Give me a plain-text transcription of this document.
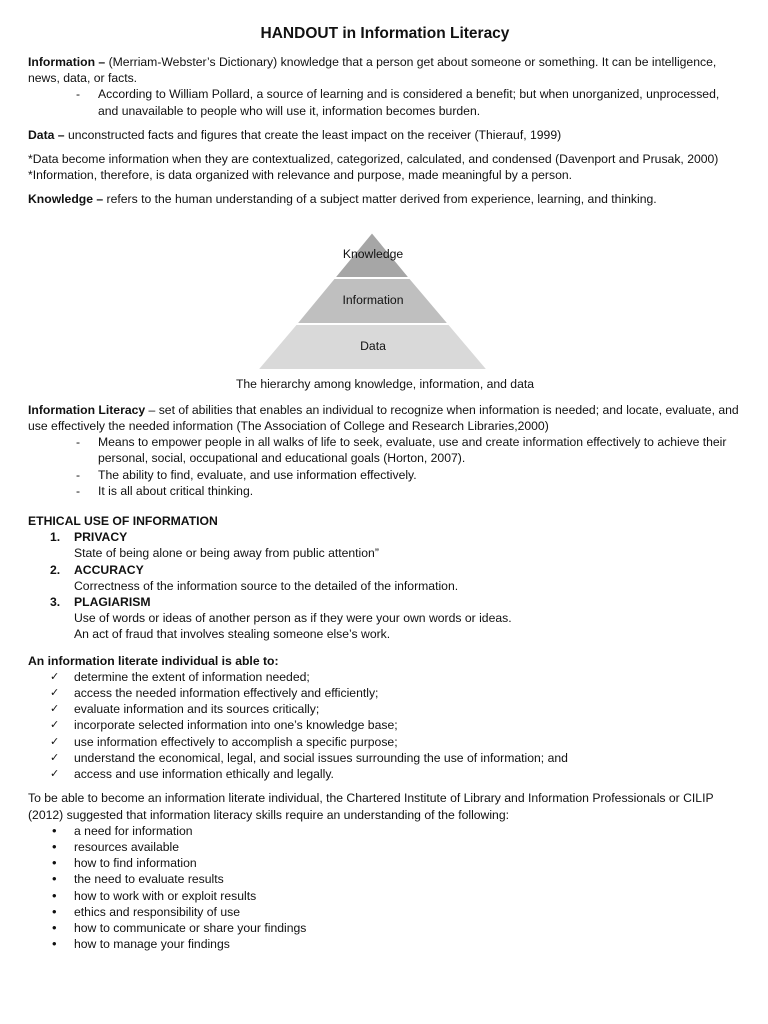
HANDOUT in Information Literacy

Information – (Merriam-Webster’s Dictionary) knowledge that a person get about someone or something. It can be intelligence, news, data, or facts.

- According to William Pollard, a source of learning and is considered a benefit; but when unorganized, unprocessed, and unavailable to people who will use it, information becomes burden.

Data – unconstructed facts and figures that create the least impact on the receiver (Thierauf, 1999)

*Data become information when they are contextualized, categorized, calculated, and condensed (Davenport and Prusak, 2000)

*Information, therefore, is data organized with relevance and purpose, made meaningful by a person.

Knowledge – refers to the human understanding of a subject matter derived from experience, learning, and thinking.

Knowledge
Information
Data

The hierarchy among knowledge, information, and data

Information Literacy – set of abilities that enables an individual to recognize when information is needed; and locate, evaluate, and use effectively the needed information (The Association of College and Research Libraries,2000)

- Means to empower people in all walks of life to seek, evaluate, use and create information effectively to achieve their personal, social, occupational and educational goals (Horton, 2007).
- The ability to find, evaluate, and use information effectively.
- It is all about critical thinking.

ETHICAL USE OF INFORMATION

1. PRIVACY
State of being alone or being away from public attention”
2. ACCURACY
Correctness of the information source to the detailed of the information.
3. PLAGIARISM
Use of words or ideas of another person as if they were your own words or ideas.
An act of fraud that involves stealing someone else’s work.

An information literate individual is able to:

✓ determine the extent of information needed;
✓ access the needed information effectively and efficiently;
✓ evaluate information and its sources critically;
✓ incorporate selected information into one’s knowledge base;
✓ use information effectively to accomplish a specific purpose;
✓ understand the economical, legal, and social issues surrounding the use of information; and
✓ access and use information ethically and legally.

To be able to become an information literate individual, the Chartered Institute of Library and Information Professionals or CILIP (2012) suggested that information literacy skills require an understanding of the following:

• a need for information
• resources available
• how to find information
• the need to evaluate results
• how to work with or exploit results
• ethics and responsibility of use
• how to communicate or share your findings
• how to manage your findings
